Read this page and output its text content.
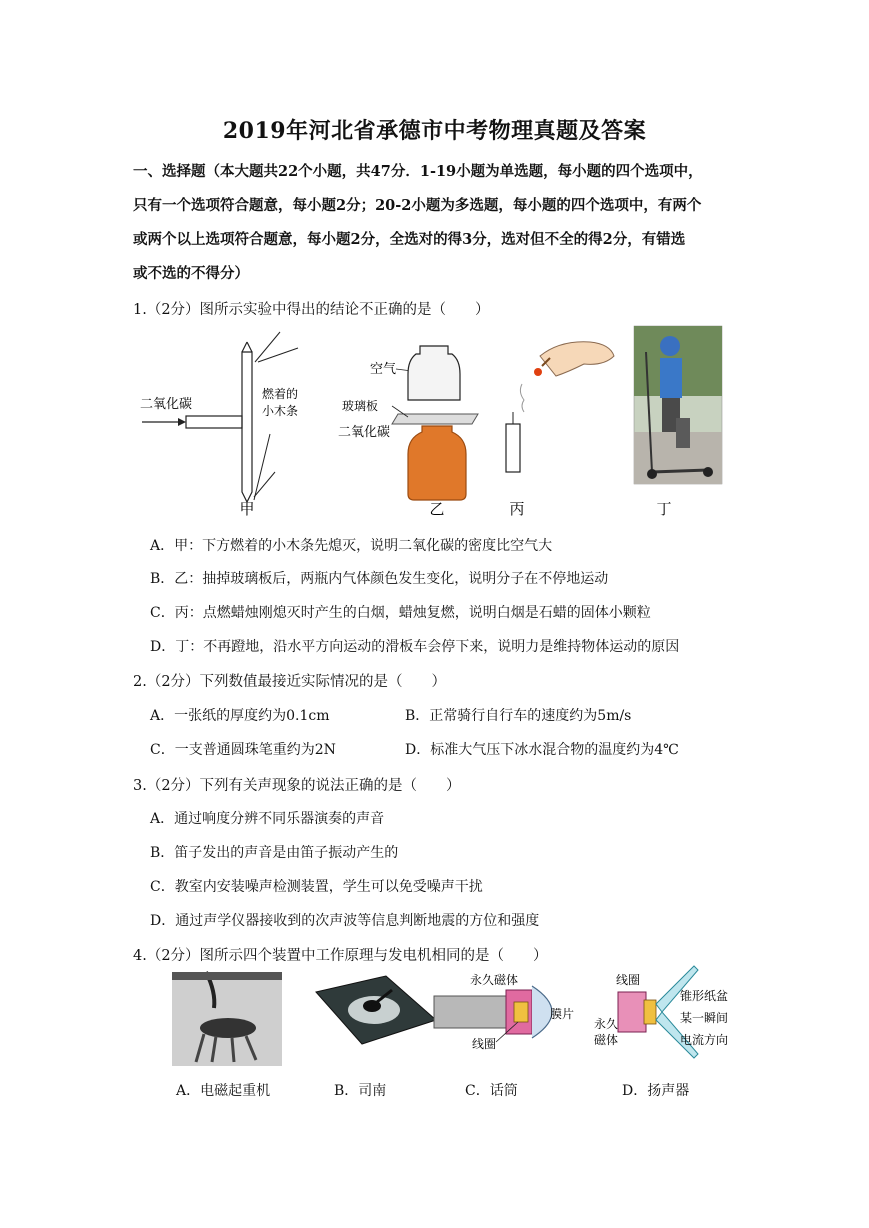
2019年河北省承德市中考物理真题及答案
一、选择题（本大题共22个小题，共47分．1-19小题为单选题，每小题的四个选项中，
只有一个选项符合题意，每小题2分；20-2小题为多选题，每小题的四个选项中，有两个
或两个以上选项符合题意，每小题2分，全选对的得3分，选对但不全的得2分，有错选
或不选的不得分）
1.（2分）图所示实验中得出的结论不正确的是（　　）
二氧化碳
燃着的
小木条
甲
空气
玻璃板
二氧化碳
乙	丙	丁
A．甲：下方燃着的小木条先熄灭，说明二氧化碳的密度比空气大
B．乙：抽掉玻璃板后，两瓶内气体颜色发生变化，说明分子在不停地运动
C．丙：点燃蜡烛刚熄灭时产生的白烟，蜡烛复燃，说明白烟是石蜡的固体小颗粒
D．丁：不再蹬地，沿水平方向运动的滑板车会停下来，说明力是维持物体运动的原因
2.（2分）下列数值最接近实际情况的是（　　）
A．一张纸的厚度约为0.1cm	B．正常骑行自行车的速度约为5m/s
C．一支普通圆珠笔重约为2N	D．标准大气压下冰水混合物的温度约为4℃
3.（2分）下列有关声现象的说法正确的是（　　）
A．通过响度分辨不同乐器演奏的声音
B．笛子发出的声音是由笛子振动产生的
C．教室内安装噪声检测装置，学生可以免受噪声干扰
D．通过声学仪器接收到的次声波等信息判断地震的方位和强度
4.（2分）图所示四个装置中工作原理与发电机相同的是（　　）
永久磁体
膜片
线圈
线圈
锥形纸盆
某一瞬间
电流方向
永久
磁体
A．电磁起重机	B．司南	C．话筒	D．扬声器
